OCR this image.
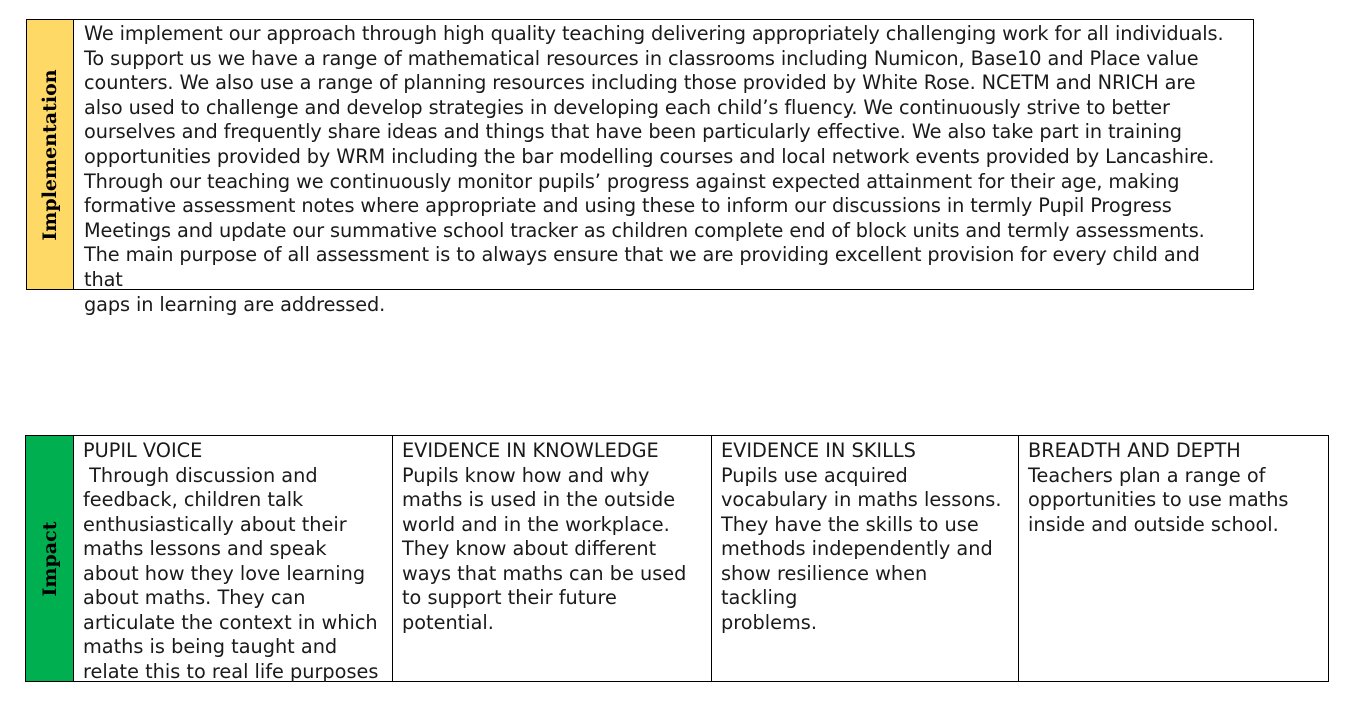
Implementation
We implement our approach through high quality teaching delivering appropriately challenging work for all individuals.
To support us we have a range of mathematical resources in classrooms including Numicon, Base10 and Place value
counters. We also use a range of planning resources including those provided by White Rose. NCETM and NRICH are
also used to challenge and develop strategies in developing each child’s fluency. We continuously strive to better
ourselves and frequently share ideas and things that have been particularly effective. We also take part in training
opportunities provided by WRM including the bar modelling courses and local network events provided by Lancashire.
Through our teaching we continuously monitor pupils’ progress against expected attainment for their age, making
formative assessment notes where appropriate and using these to inform our discussions in termly Pupil Progress
Meetings and update our summative school tracker as children complete end of block units and termly assessments.
The main purpose of all assessment is to always ensure that we are providing excellent provision for every child and that
gaps in learning are addressed.
Impact
PUPIL VOICE
Through discussion and
feedback, children talk
enthusiastically about their
maths lessons and speak
about how they love learning
about maths. They can
articulate the context in which
maths is being taught and
relate this to real life purposes
EVIDENCE IN KNOWLEDGE
Pupils know how and why
maths is used in the outside
world and in the workplace.
They know about different
ways that maths can be used
to support their future
potential.
EVIDENCE IN SKILLS
Pupils use acquired
vocabulary in maths lessons.
They have the skills to use
methods independently and
show resilience when tackling
problems.
BREADTH AND DEPTH
Teachers plan a range of
opportunities to use maths
inside and outside school.
